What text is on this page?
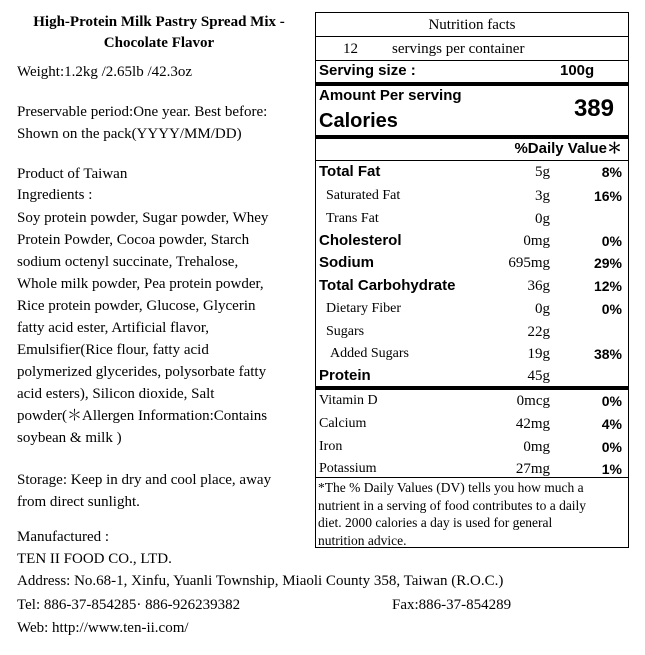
High-Protein Milk Pastry Spread Mix -
Chocolate Flavor
Weight:1.2kg /2.65lb /42.3oz
Preservable period:One year. Best before:
Shown on the pack(YYYY/MM/DD)
Product of Taiwan
Ingredients :
Soy protein powder, Sugar powder, Whey
Protein Powder, Cocoa powder, Starch
sodium octenyl succinate, Trehalose,
Whole milk powder, Pea protein powder,
Rice protein powder, Glucose, Glycerin
fatty acid ester, Artificial flavor,
Emulsifier(Rice flour, fatty acid
polymerized glycerides, polysorbate fatty
acid esters), Silicon dioxide, Salt
powder(＊Allergen Information:Contains
soybean & milk )
Storage: Keep in dry and cool place, away
from direct sunlight.
Manufactured :
TEN II FOOD CO., LTD.
Address: No.68-1, Xinfu, Yuanli Township, Miaoli County 358, Taiwan (R.O.C.)
Tel: 886-37-854285· 886-926239382	Fax:886-37-854289
Web: http://www.ten-ii.com/
Nutrition facts
12 servings per container
Serving size :	100g
Amount Per serving
Calories	389
%Daily Value＊
Total Fat	5g	8%
Saturated Fat	3g	16%
Trans Fat	0g
Cholesterol	0mg	0%
Sodium	695mg	29%
Total Carbohydrate	36g	12%
Dietary Fiber	0g	0%
Sugars	22g
Added Sugars	19g	38%
Protein	45g
Vitamin D	0mcg	0%
Calcium	42mg	4%
Iron	0mg	0%
Potassium	27mg	1%
*The % Daily Values (DV) tells you how much a
nutrient in a serving of food contributes to a daily
diet. 2000 calories a day is used for general
nutrition advice.
